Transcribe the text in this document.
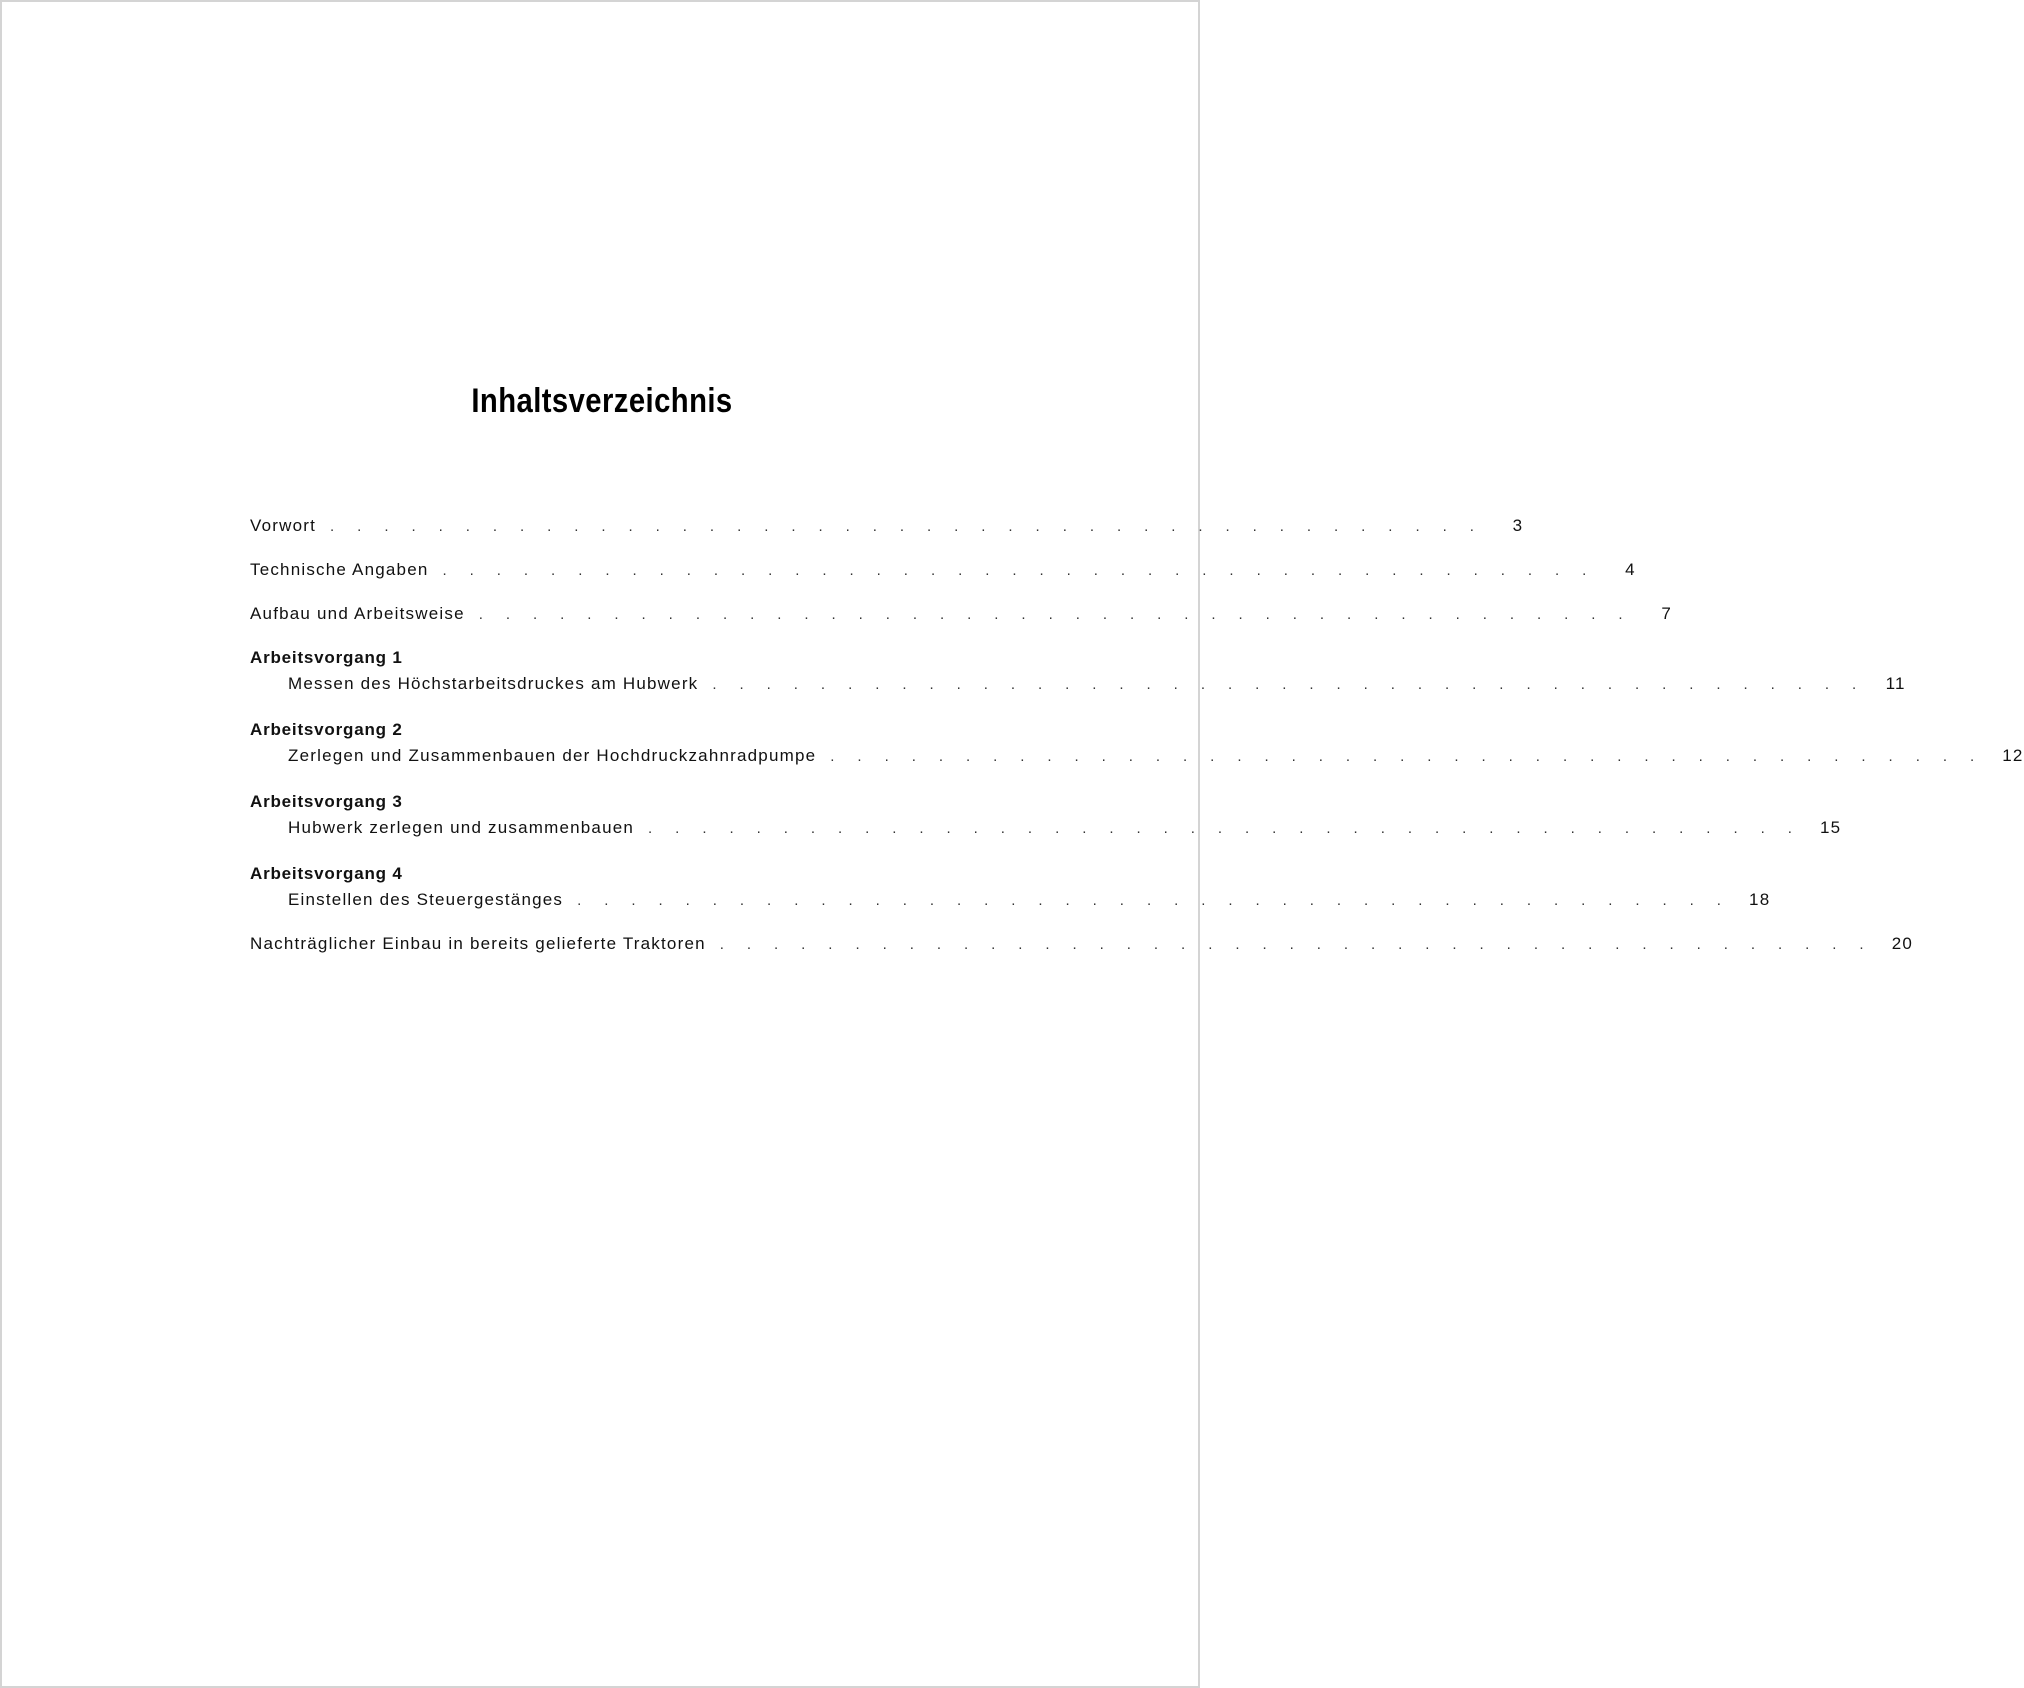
Inhaltsverzeichnis
Vorwort . . . . . . . . . . . . . . . . . . . . . . . . . . . . . . . . . . . . . . . . . . .	3
Technische Angaben . . . . . . . . . . . . . . . . . . . . . . . . . . . . . . . . . . . . . . . . . . .	4
Aufbau und Arbeitsweise . . . . . . . . . . . . . . . . . . . . . . . . . . . . . . . . . . . . . . . . . . .	7
Arbeitsvorgang 1
Messen des Höchstarbeitsdruckes am Hubwerk . . . . . . . . . . . . . . . . . . . . . . . . . . . . . . . . . . . . . . . . . . .	11
Arbeitsvorgang 2
Zerlegen und Zusammenbauen der Hochdruckzahnradpumpe . . . . . . . . . . . . . . . . . . . . . . . . . . . . . . . . . . . . . . . . . . .	12
Arbeitsvorgang 3
Hubwerk zerlegen und zusammenbauen . . . . . . . . . . . . . . . . . . . . . . . . . . . . . . . . . . . . . . . . . . .	15
Arbeitsvorgang 4
Einstellen des Steuergestänges . . . . . . . . . . . . . . . . . . . . . . . . . . . . . . . . . . . . . . . . . . .	18
Nachträglicher Einbau in bereits gelieferte Traktoren . . . . . . . . . . . . . . . . . . . . . . . . . . . . . . . . . . . . . . . . . . .	20
